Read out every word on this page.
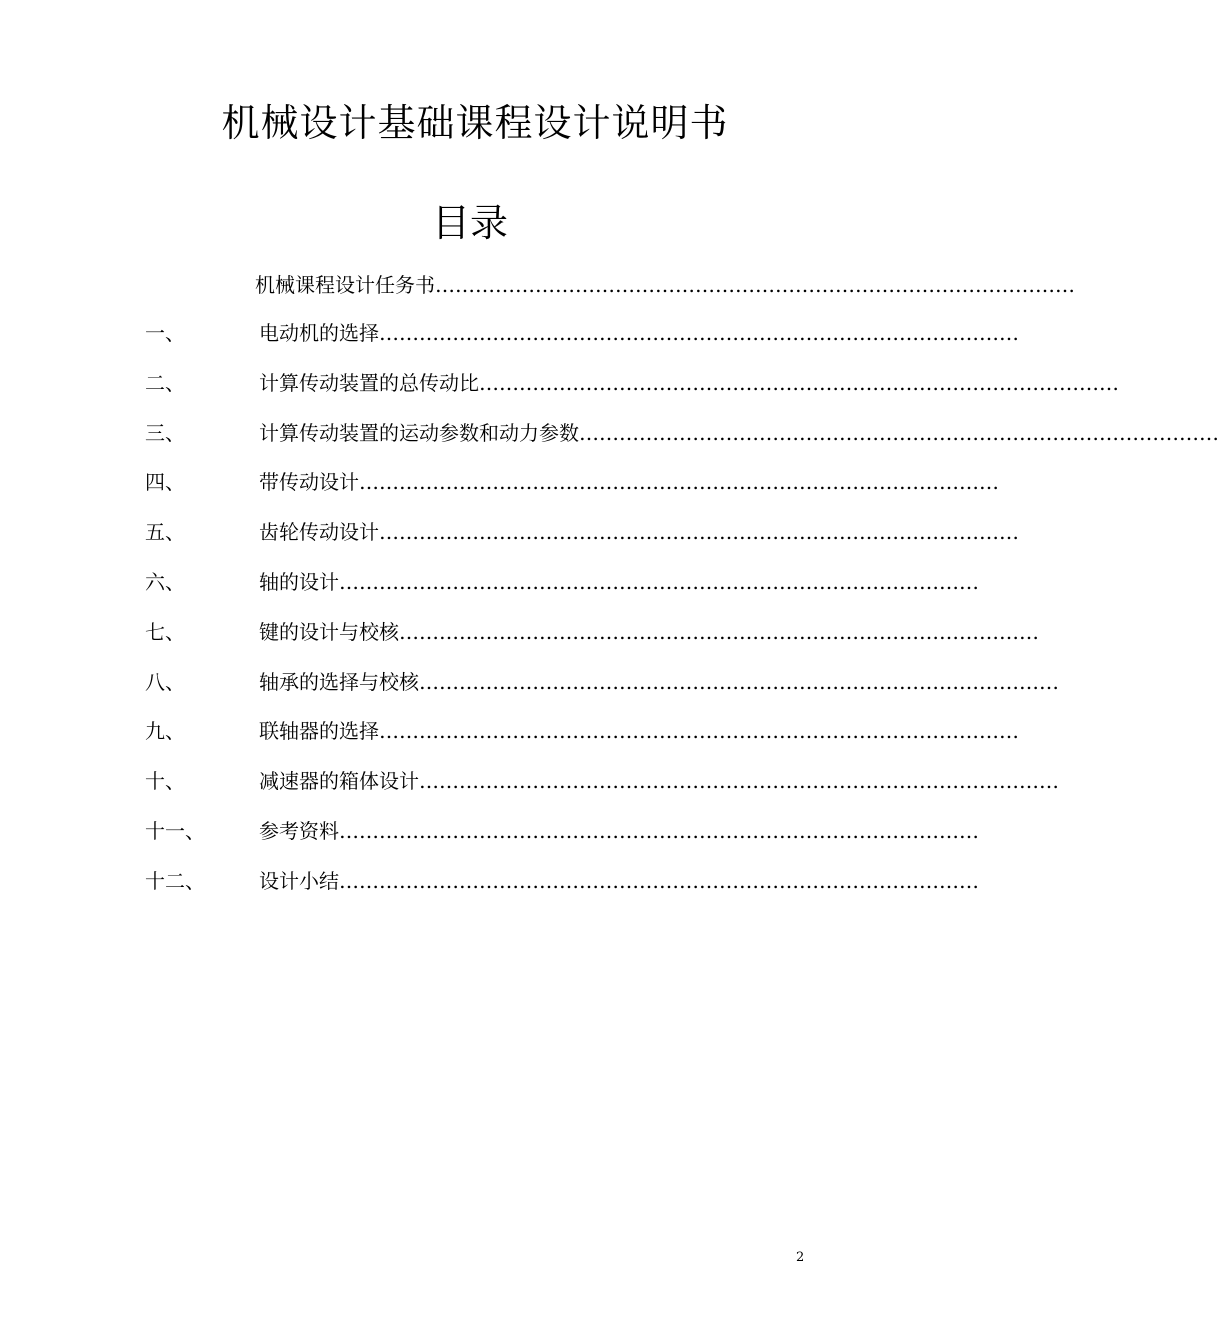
机械设计基础课程设计说明书
目录
机械课程设计任务书……………………………………………………………………………………
一、	电动机的选择……………………………………………………………………………………
二、	计算传动装置的总传动比……………………………………………………………………………………
三、	计算传动装置的运动参数和动力参数……………………………………………………………………………………
四、	带传动设计……………………………………………………………………………………
五、	齿轮传动设计……………………………………………………………………………………
六、	轴的设计……………………………………………………………………………………
七、	键的设计与校核……………………………………………………………………………………
八、	轴承的选择与校核……………………………………………………………………………………
九、	联轴器的选择……………………………………………………………………………………
十、	减速器的箱体设计……………………………………………………………………………………
十一、	参考资料……………………………………………………………………………………
十二、	设计小结……………………………………………………………………………………
2
